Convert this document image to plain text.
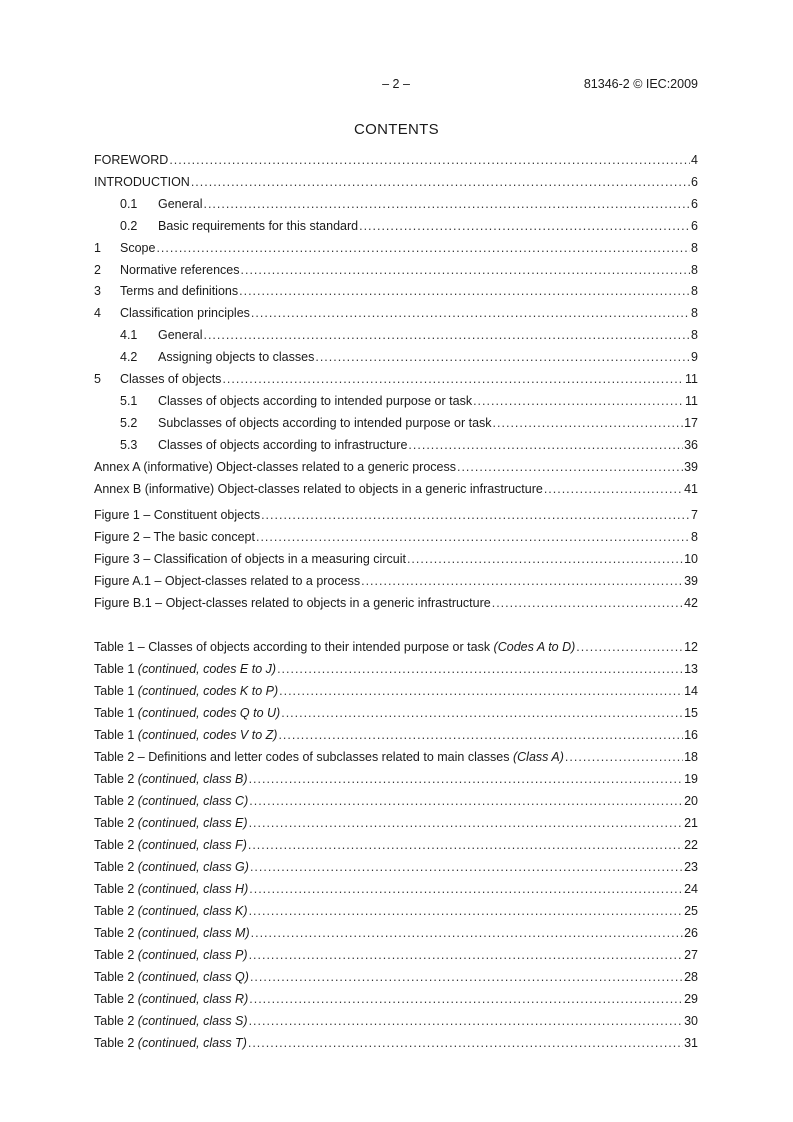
– 2 –	81346-2 © IEC:2009
CONTENTS
FOREWORD .....	4
INTRODUCTION .....	6
0.1 General .....	6
0.2 Basic requirements for this standard .....	6
1 Scope .....	8
2 Normative references .....	8
3 Terms and definitions .....	8
4 Classification principles .....	8
4.1 General .....	8
4.2 Assigning objects to classes .....	9
5 Classes of objects .....	11
5.1 Classes of objects according to intended purpose or task .....	11
5.2 Subclasses of objects according to intended purpose or task .....	17
5.3 Classes of objects according to infrastructure .....	36
Annex A (informative) Object-classes related to a generic process .....	39
Annex B (informative) Object-classes related to objects in a generic infrastructure .....	41
Figure 1 – Constituent objects .....	7
Figure 2 – The basic concept .....	8
Figure 3 – Classification of objects in a measuring circuit .....	10
Figure A.1 – Object-classes related to a process .....	39
Figure B.1 – Object-classes related to objects in a generic infrastructure .....	42
Table 1 – Classes of objects according to their intended purpose or task (Codes A to D) .....	12
Table 1 (continued, codes E to J) .....	13
Table 1 (continued, codes K to P) .....	14
Table 1 (continued, codes Q to U) .....	15
Table 1 (continued, codes V to Z) .....	16
Table 2 – Definitions and letter codes of subclasses related to main classes (Class A) .....	18
Table 2 (continued, class B) .....	19
Table 2 (continued, class C) .....	20
Table 2 (continued, class E) .....	21
Table 2 (continued, class F) .....	22
Table 2 (continued, class G) .....	23
Table 2 (continued, class H) .....	24
Table 2 (continued, class K) .....	25
Table 2 (continued, class M) .....	26
Table 2 (continued, class P) .....	27
Table 2 (continued, class Q) .....	28
Table 2 (continued, class R) .....	29
Table 2 (continued, class S) .....	30
Table 2 (continued, class T) .....	31
